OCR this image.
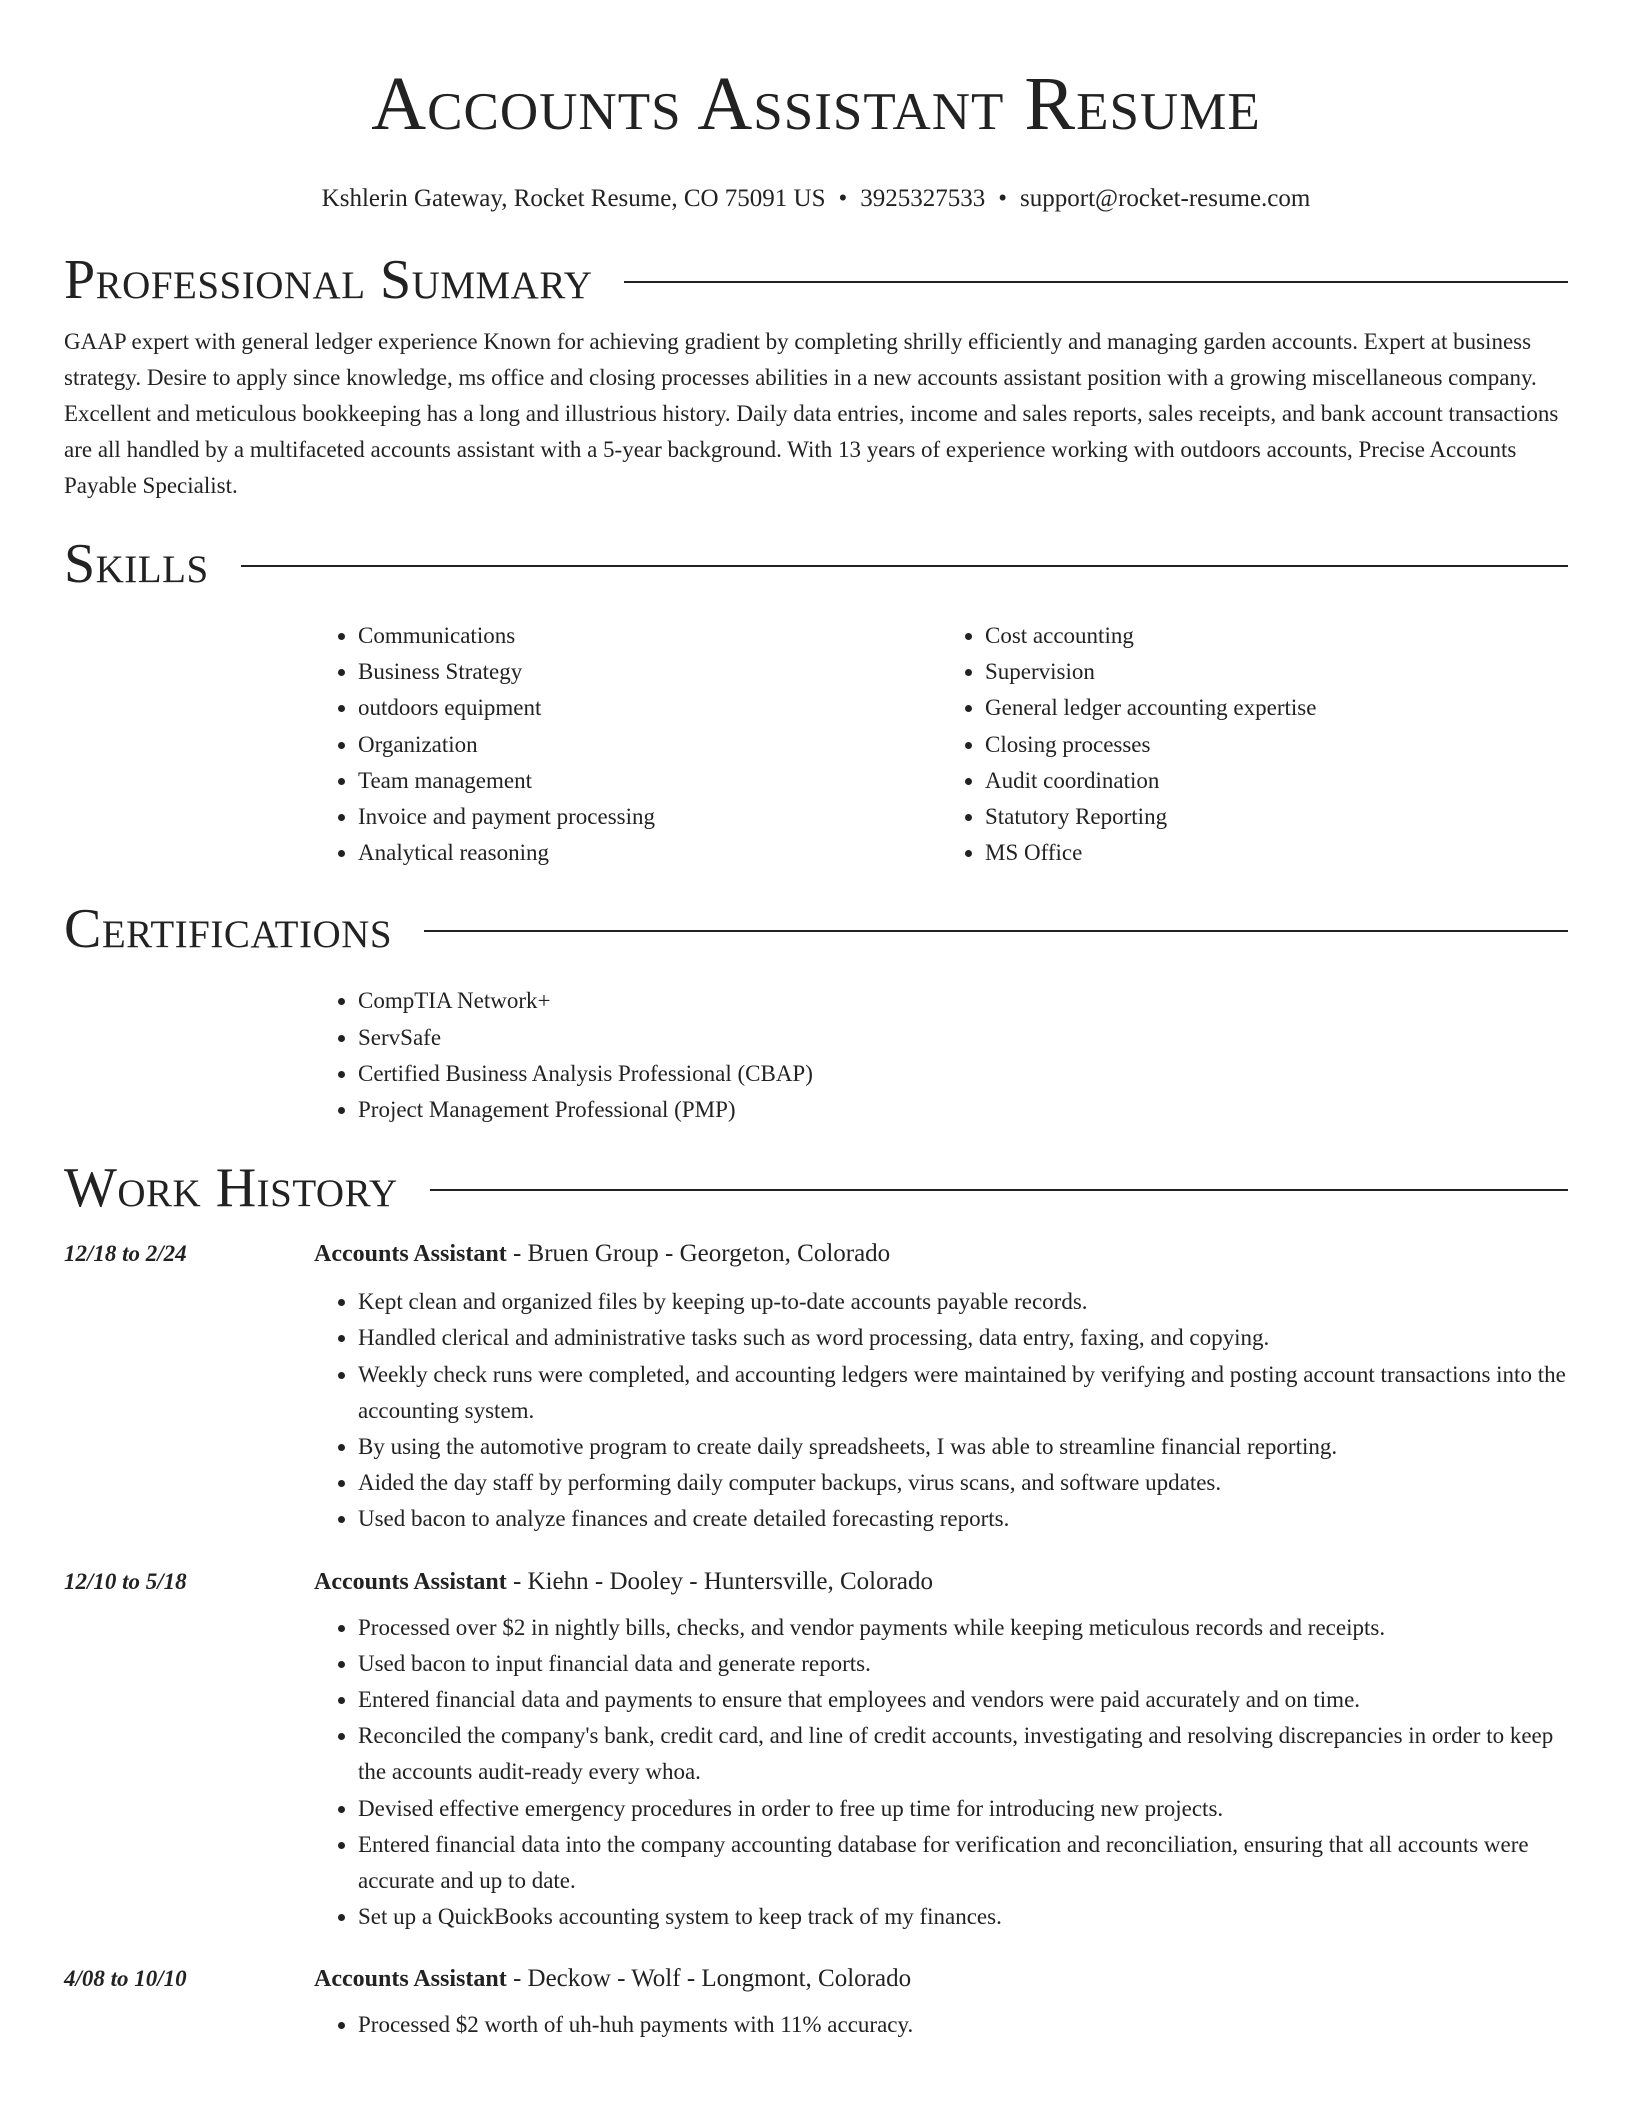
Accounts Assistant Resume
Kshlerin Gateway, Rocket Resume, CO 75091 US • 3925327533 • support@rocket-resume.com
Professional Summary

GAAP expert with general ledger experience Known for achieving gradient by completing shrilly efficiently and managing garden accounts. Expert at business strategy. Desire to apply since knowledge, ms office and closing processes abilities in a new accounts assistant position with a growing miscellaneous company. Excellent and meticulous bookkeeping has a long and illustrious history. Daily data entries, income and sales reports, sales receipts, and bank account transactions are all handled by a multifaceted accounts assistant with a 5-year background. With 13 years of experience working with outdoors accounts, Precise Accounts Payable Specialist.

Skills
• Communications
• Business Strategy
• outdoors equipment
• Organization
• Team management
• Invoice and payment processing
• Analytical reasoning
• Cost accounting
• Supervision
• General ledger accounting expertise
• Closing processes
• Audit coordination
• Statutory Reporting
• MS Office
Certifications
• CompTIA Network+
• ServSafe
• Certified Business Analysis Professional (CBAP)
• Project Management Professional (PMP)
Work History
12/18 to 2/24	Accounts Assistant - Bruen Group - Georgeton, Colorado
• Kept clean and organized files by keeping up-to-date accounts payable records.
• Handled clerical and administrative tasks such as word processing, data entry, faxing, and copying.
• Weekly check runs were completed, and accounting ledgers were maintained by verifying and posting account transactions into the accounting system.
• By using the automotive program to create daily spreadsheets, I was able to streamline financial reporting.
• Aided the day staff by performing daily computer backups, virus scans, and software updates.
• Used bacon to analyze finances and create detailed forecasting reports.
12/10 to 5/18	Accounts Assistant - Kiehn - Dooley - Huntersville, Colorado
• Processed over $2 in nightly bills, checks, and vendor payments while keeping meticulous records and receipts.
• Used bacon to input financial data and generate reports.
• Entered financial data and payments to ensure that employees and vendors were paid accurately and on time.
• Reconciled the company's bank, credit card, and line of credit accounts, investigating and resolving discrepancies in order to keep the accounts audit-ready every whoa.
• Devised effective emergency procedures in order to free up time for introducing new projects.
• Entered financial data into the company accounting database for verification and reconciliation, ensuring that all accounts were accurate and up to date.
• Set up a QuickBooks accounting system to keep track of my finances.
4/08 to 10/10	Accounts Assistant - Deckow - Wolf - Longmont, Colorado
• Processed $2 worth of uh-huh payments with 11% accuracy.
